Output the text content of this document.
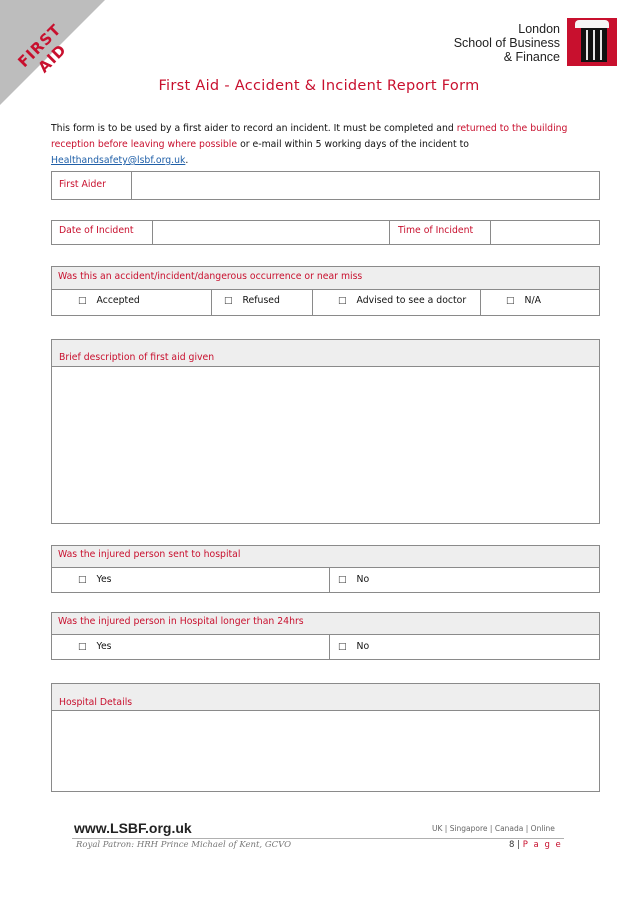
FIRST AID
London
School of Business
& Finance
First Aid - Accident & Incident Report Form
This form is to be used by a first aider to record an incident. It must be completed and returned to the building reception before leaving where possible or e-mail within 5 working days of the incident to Healthandsafety@lsbf.org.uk.
First Aider
Date of Incident	Time of Incident
Was this an accident/incident/dangerous occurrence or near miss
□ Accepted	□ Refused	□ Advised to see a doctor	□ N/A
Brief description of first aid given
Was the injured person sent to hospital
□ Yes	□ No
Was the injured person in Hospital longer than 24hrs
□ Yes	□ No
Hospital Details
www.LSBF.org.uk	UK | Singapore | Canada | Online
Royal Patron: HRH Prince Michael of Kent, GCVO	8 | P a g e
